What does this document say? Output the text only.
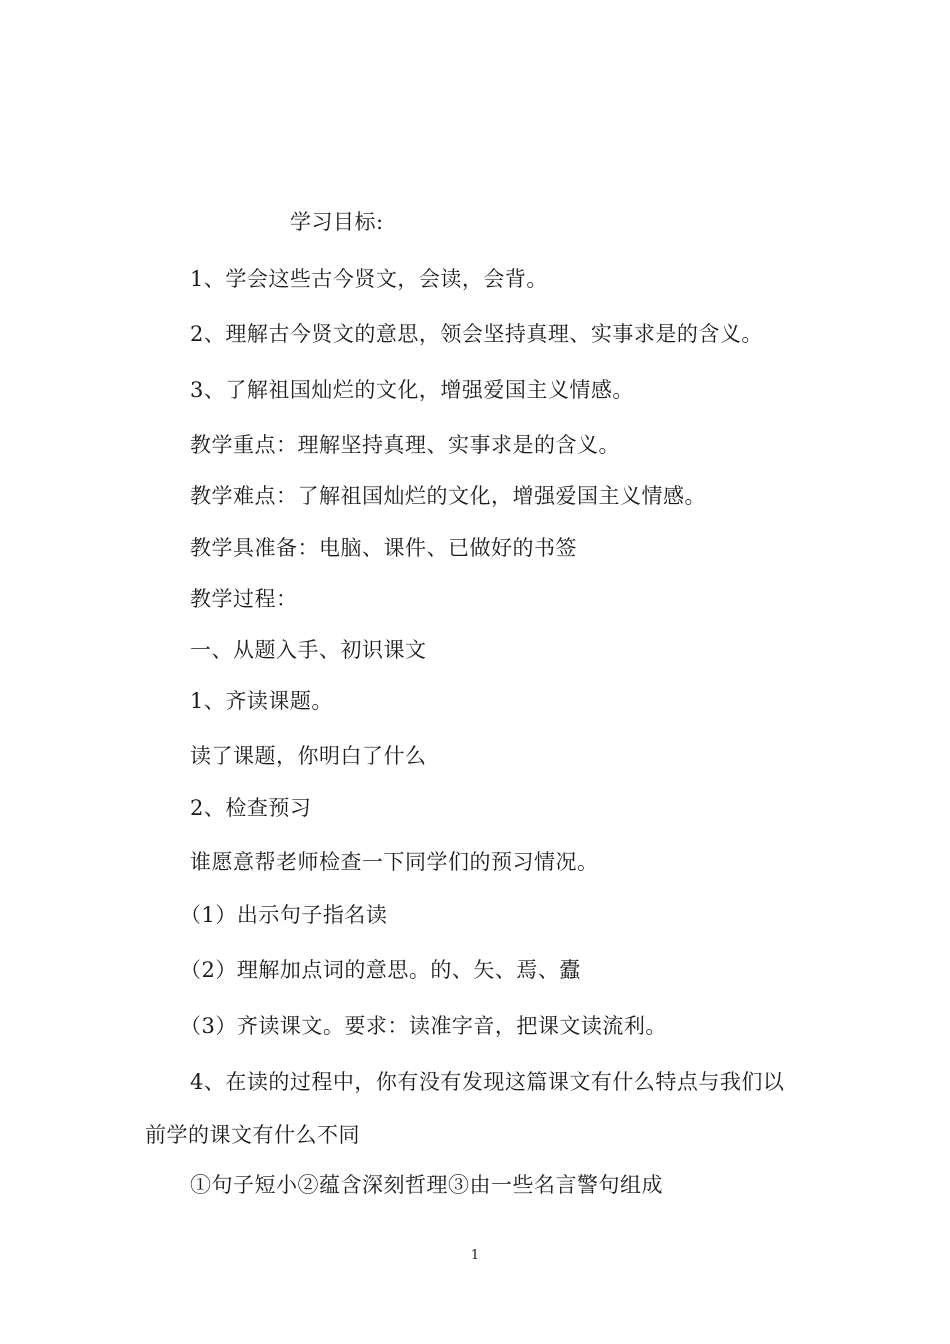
学习目标:
1、学会这些古今贤文，会读，会背。
2、理解古今贤文的意思，领会坚持真理、实事求是的含义。
3、了解祖国灿烂的文化，增强爱国主义情感。
教学重点：理解坚持真理、实事求是的含义。
教学难点：了解祖国灿烂的文化，增强爱国主义情感。
教学具准备：电脑、课件、已做好的书签
教学过程：
一、从题入手、初识课文
1、齐读课题。
读了课题，你明白了什么
2、检查预习
谁愿意帮老师检查一下同学们的预习情况。
（1）出示句子指名读
（2）理解加点词的意思。的、矢、焉、蠹
（3）齐读课文。要求：读准字音，把课文读流利。
4、在读的过程中，你有没有发现这篇课文有什么特点与我们以
前学的课文有什么不同
①句子短小②蕴含深刻哲理③由一些名言警句组成
1
